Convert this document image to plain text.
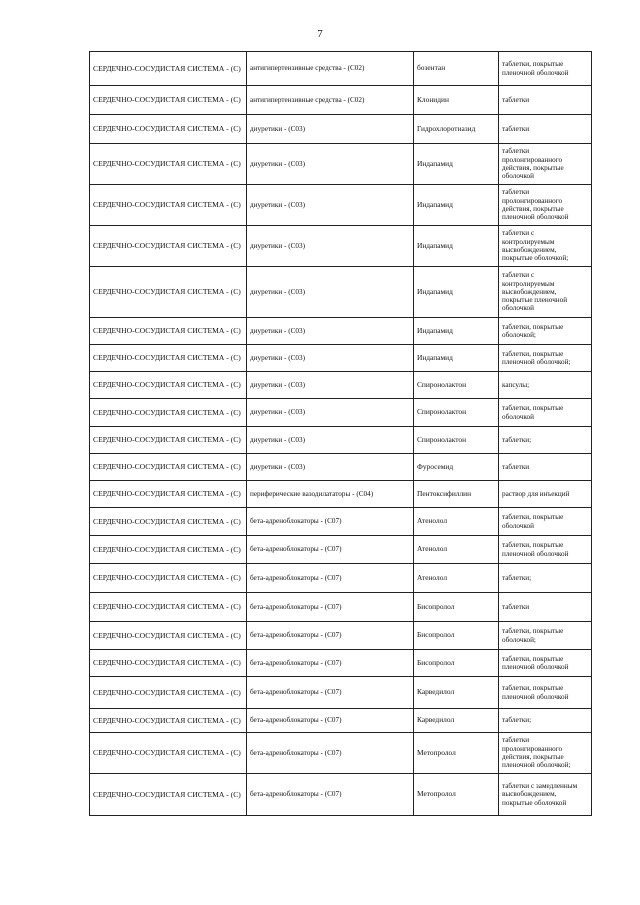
7
СЕРДЕЧНО-СОСУДИСТАЯ СИСТЕМА - (С)	антигипертензивные средства - (С02)	бозентан	таблетки, покрытые пленочной оболочкой
СЕРДЕЧНО-СОСУДИСТАЯ СИСТЕМА - (С)	антигипертензивные средства - (С02)	Клонидин	таблетки
СЕРДЕЧНО-СОСУДИСТАЯ СИСТЕМА - (С)	диуретики - (С03)	Гидрохлоротиазид	таблетки
СЕРДЕЧНО-СОСУДИСТАЯ СИСТЕМА - (С)	диуретики - (С03)	Индапамид	таблетки пролонгированного действия, покрытые оболочкой
СЕРДЕЧНО-СОСУДИСТАЯ СИСТЕМА - (С)	диуретики - (С03)	Индапамид	таблетки пролонгированного действия, покрытые пленочной оболочкой
СЕРДЕЧНО-СОСУДИСТАЯ СИСТЕМА - (С)	диуретики - (С03)	Индапамид	таблетки с контролируемым высвобождением, покрытые оболочкой;
СЕРДЕЧНО-СОСУДИСТАЯ СИСТЕМА - (С)	диуретики - (С03)	Индапамид	таблетки с контролируемым высвобождением, покрытые пленочной оболочкой
СЕРДЕЧНО-СОСУДИСТАЯ СИСТЕМА - (С)	диуретики - (С03)	Индапамид	таблетки, покрытые оболочкой;
СЕРДЕЧНО-СОСУДИСТАЯ СИСТЕМА - (С)	диуретики - (С03)	Индапамид	таблетки, покрытые пленочной оболочкой;
СЕРДЕЧНО-СОСУДИСТАЯ СИСТЕМА - (С)	диуретики - (С03)	Спиронолактон	капсулы;
СЕРДЕЧНО-СОСУДИСТАЯ СИСТЕМА - (С)	диуретики - (С03)	Спиронолактон	таблетки, покрытые оболочкой
СЕРДЕЧНО-СОСУДИСТАЯ СИСТЕМА - (С)	диуретики - (С03)	Спиронолактон	таблетки;
СЕРДЕЧНО-СОСУДИСТАЯ СИСТЕМА - (С)	диуретики - (С03)	Фуросемид	таблетки
СЕРДЕЧНО-СОСУДИСТАЯ СИСТЕМА - (С)	периферические вазодилататоры - (С04)	Пентоксифиллин	раствор для инъекций
СЕРДЕЧНО-СОСУДИСТАЯ СИСТЕМА - (С)	бета-адреноблокаторы - (С07)	Атенолол	таблетки, покрытые оболочкой
СЕРДЕЧНО-СОСУДИСТАЯ СИСТЕМА - (С)	бета-адреноблокаторы - (С07)	Атенолол	таблетки, покрытые пленочной оболочкой
СЕРДЕЧНО-СОСУДИСТАЯ СИСТЕМА - (С)	бета-адреноблокаторы - (С07)	Атенолол	таблетки;
СЕРДЕЧНО-СОСУДИСТАЯ СИСТЕМА - (С)	бета-адреноблокаторы - (С07)	Бисопролол	таблетки
СЕРДЕЧНО-СОСУДИСТАЯ СИСТЕМА - (С)	бета-адреноблокаторы - (С07)	Бисопролол	таблетки, покрытые оболочкой;
СЕРДЕЧНО-СОСУДИСТАЯ СИСТЕМА - (С)	бета-адреноблокаторы - (С07)	Бисопролол	таблетки, покрытые пленочной оболочкой
СЕРДЕЧНО-СОСУДИСТАЯ СИСТЕМА - (С)	бета-адреноблокаторы - (С07)	Карведилол	таблетки, покрытые пленочной оболочкой
СЕРДЕЧНО-СОСУДИСТАЯ СИСТЕМА - (С)	бета-адреноблокаторы - (С07)	Карведилол	таблетки;
СЕРДЕЧНО-СОСУДИСТАЯ СИСТЕМА - (С)	бета-адреноблокаторы - (С07)	Метопролол	таблетки пролонгированного действия, покрытые пленочной оболочкой;
СЕРДЕЧНО-СОСУДИСТАЯ СИСТЕМА - (С)	бета-адреноблокаторы - (С07)	Метопролол	таблетки с замедленным высвобождением, покрытые оболочкой
